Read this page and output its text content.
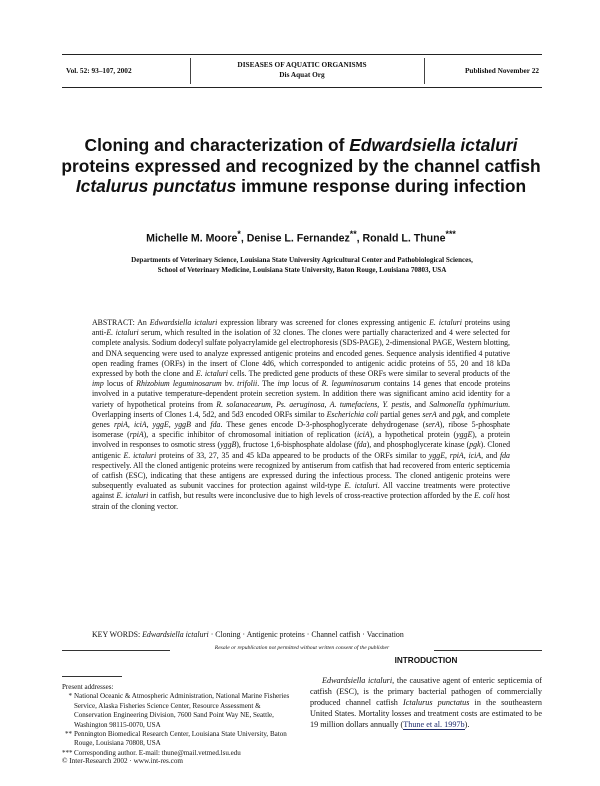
Vol. 52: 93–107, 2002
DISEASES OF AQUATIC ORGANISMS
Dis Aquat Org	Published November 22
Cloning and characterization of Edwardsiella ictaluri proteins expressed and recognized by the channel catfish Ictalurus punctatus immune response during infection
Michelle M. Moore*, Denise L. Fernandez**, Ronald L. Thune***
Departments of Veterinary Science, Louisiana State University Agricultural Center and Pathobiological Sciences,
School of Veterinary Medicine, Louisiana State University, Baton Rouge, Louisiana 70803, USA
ABSTRACT: An Edwardsiella ictaluri expression library was screened for clones expressing antigenic E. ictaluri proteins using anti-E. ictaluri serum, which resulted in the isolation of 32 clones. The clones were partially characterized and 4 were selected for complete analysis. Sodium dodecyl sulfate polyacrylamide gel electrophoresis (SDS-PAGE), 2-dimensional PAGE, Western blotting, and DNA sequencing were used to analyze expressed antigenic proteins and encoded genes. Sequence analysis identified 4 putative open reading frames (ORFs) in the insert of Clone 4d6, which corresponded to antigenic acidic proteins of 55, 20 and 18 kDa expressed by both the clone and E. ictaluri cells. The predicted gene products of these ORFs were similar to several products of the imp locus of Rhizobium leguminosarum bv. trifolii. The imp locus of R. leguminosarum contains 14 genes that encode proteins involved in a putative temperature-dependent protein secretion system. In addition there was significant amino acid identity for a variety of hypothetical proteins from R. solanacearum, Ps. aeruginosa, A. tumefaciens, Y. pestis, and Salmonella typhimurium. Overlapping inserts of Clones 1.4, 5d2, and 5d3 encoded ORFs similar to Escherichia coli partial genes serA and pgk, and complete genes rpiA, iciA, yggE, yggB and fda. These genes encode D-3-phosphoglycerate dehydrogenase (serA), ribose 5-phosphate isomerase (rpiA), a specific inhibitor of chromosomal initiation of replication (iciA), a hypothetical protein (yggE), a protein involved in responses to osmotic stress (yggB), fructose 1,6-bisphosphate aldolase (fda), and phosphoglycerate kinase (pgk). Cloned antigenic E. ictaluri proteins of 33, 27, 35 and 45 kDa appeared to be products of the ORFs similar to yggE, rpiA, iciA, and fda respectively. All the cloned antigenic proteins were recognized by antiserum from catfish that had recovered from enteric septicemia of catfish (ESC), indicating that these antigens are expressed during the infectious process. The cloned antigenic proteins were subsequently evaluated as subunit vaccines for protection against wild-type E. ictaluri. All vaccine treatments were protective against E. ictaluri in catfish, but results were inconclusive due to high levels of cross-reactive protection afforded by the E. coli host strain of the cloning vector.
KEY WORDS: Edwardsiella ictaluri · Cloning · Antigenic proteins · Channel catfish · Vaccination
Resale or republication not permitted without written consent of the publisher
Present addresses:
* National Oceanic & Atmospheric Administration, National Marine Fisheries Service, Alaska Fisheries Science Center, Resource Assessment & Conservation Engineering Division, 7600 Sand Point Way NE, Seattle, Washington 98115-0070, USA
** Pennington Biomedical Research Center, Louisiana State University, Baton Rouge, Louisiana 70808, USA
*** Corresponding author. E-mail: thune@mail.vetmed.lsu.edu
INTRODUCTION

Edwardsiella ictaluri, the causative agent of enteric septicemia of catfish (ESC), is the primary bacterial pathogen of commercially produced channel catfish Ictalurus punctatus in the southeastern United States. Mortality losses and treatment costs are estimated to be 19 million dollars annually (Thune et al. 1997b).

© Inter-Research 2002 · www.int-res.com
